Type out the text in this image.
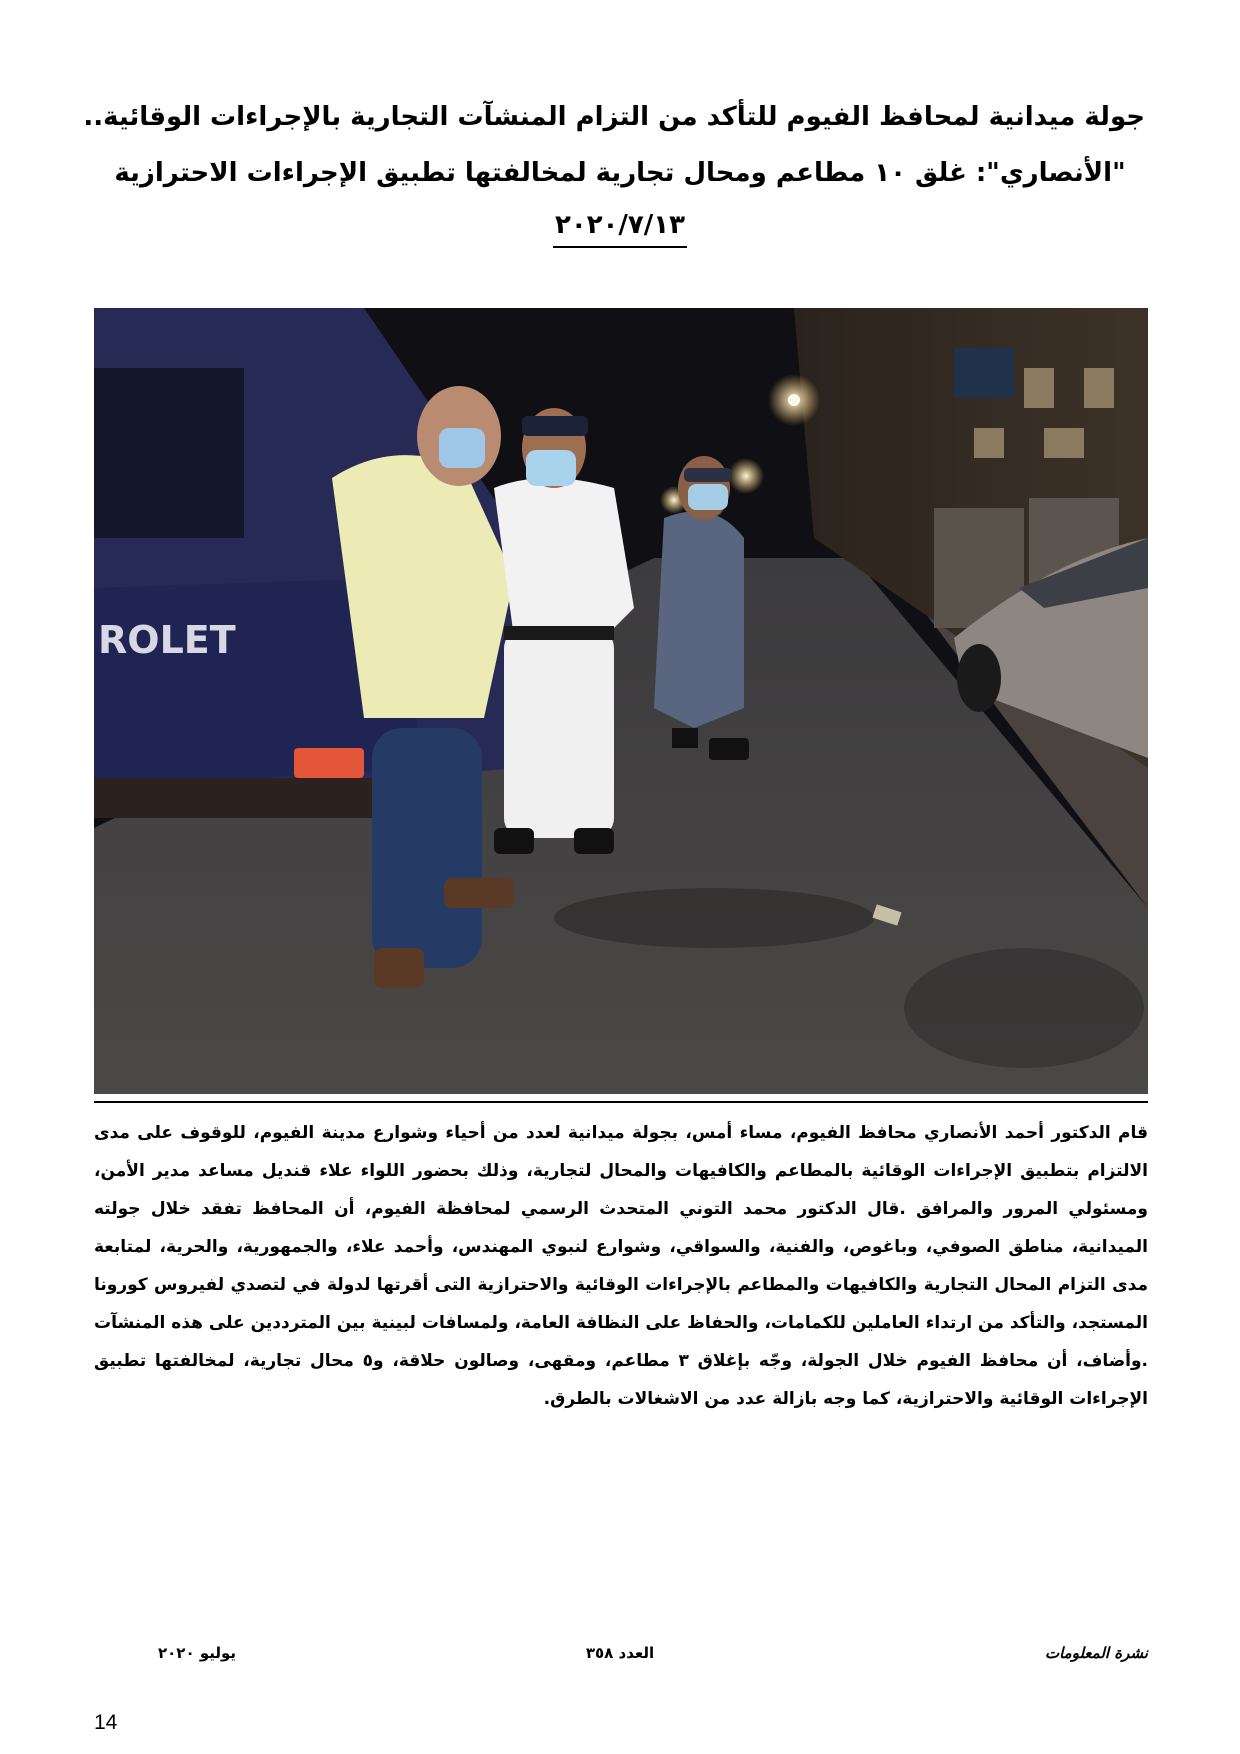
جولة ميدانية لمحافظ الفيوم للتأكد من التزام المنشآت التجارية بالإجراءات الوقائية..
"الأنصاري": غلق ١٠ مطاعم ومحال تجارية لمخالفتها تطبيق الإجراءات الاحترازية
٢٠٢٠/٧/١٣
ROLET
قام الدكتور أحمد الأنصاري محافظ الفيوم، مساء أمس، بجولة ميدانية لعدد من أحياء وشوارع مدينة الفيوم، للوقوف على مدى الالتزام بتطبيق الإجراءات الوقائية بالمطاعم والكافيهات والمحال لتجارية، وذلك بحضور اللواء علاء قنديل مساعد مدير الأمن، ومسئولي المرور والمرافق .قال الدكتور محمد التوني المتحدث الرسمي لمحافظة الفيوم، أن المحافظ تفقد خلال جولته الميدانية، مناطق الصوفي، وباغوص، والفنية، والسواقي، وشوارع لنبوي المهندس، وأحمد علاء، والجمهورية، والحرية، لمتابعة مدى التزام المحال التجارية والكافيهات والمطاعم بالإجراءات الوقائية والاحترازية التى أقرتها لدولة في لتصدي لفيروس كورونا المستجد، والتأكد من ارتداء العاملين للكمامات، والحفاظ على النظافة العامة، ولمسافات لبينية بين المترددين على هذه المنشآت .وأضاف، أن محافظ الفيوم خلال الجولة، وجّه بإغلاق ٣ مطاعم، ومقهى، وصالون حلاقة، و٥ محال تجارية، لمخالفتها تطبيق الإجراءات الوقائية والاحترازية، كما وجه بازالة عدد من الاشغالات بالطرق.
نشرة المعلومات
العدد ٣٥٨
يوليو ٢٠٢٠
14
